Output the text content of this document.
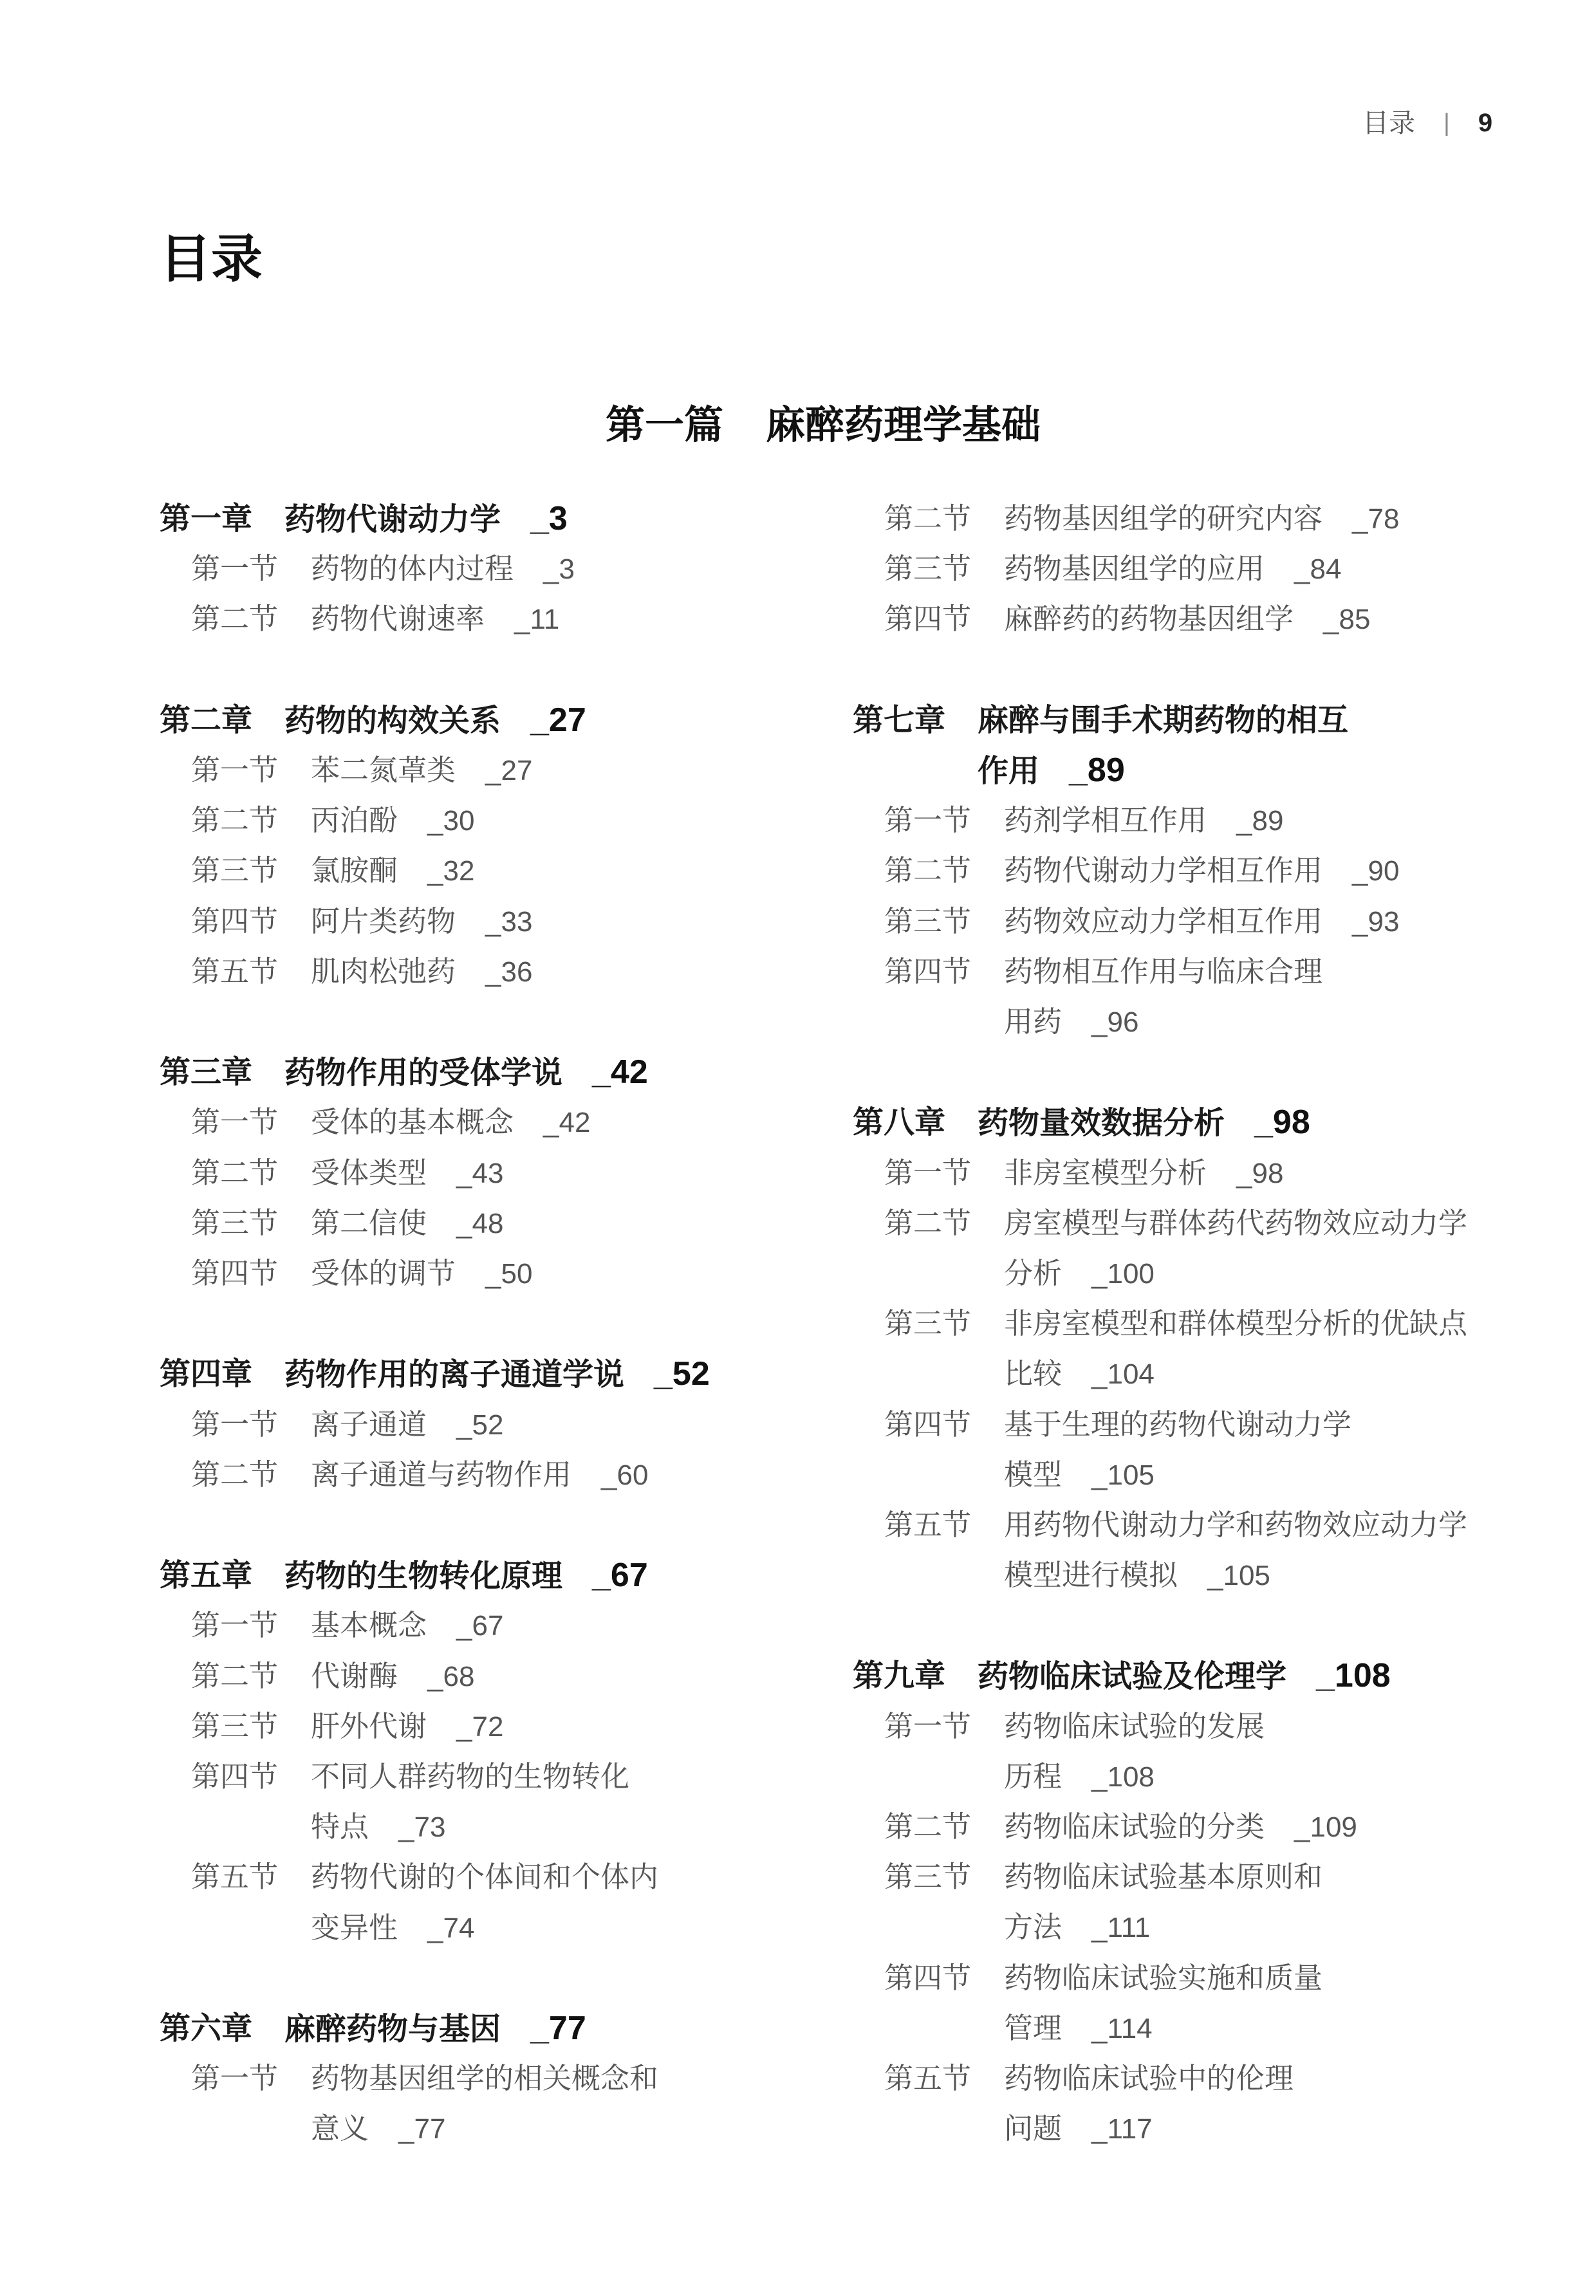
目录 | 9
目录
第一篇 麻醉药理学基础
第一章	药物代谢动力学 _3
第一节	药物的体内过程 _3
第二节	药物代谢速率 _11
第二章	药物的构效关系 _27
第一节	苯二氮䓬类 _27
第二节	丙泊酚 _30
第三节	氯胺酮 _32
第四节	阿片类药物 _33
第五节	肌肉松弛药 _36
第三章	药物作用的受体学说 _42
第一节	受体的基本概念 _42
第二节	受体类型 _43
第三节	第二信使 _48
第四节	受体的调节 _50
第四章	药物作用的离子通道学说 _52
第一节	离子通道 _52
第二节	离子通道与药物作用 _60
第五章	药物的生物转化原理 _67
第一节	基本概念 _67
第二节	代谢酶 _68
第三节	肝外代谢 _72
第四节	不同人群药物的生物转化
特点 _73
第五节	药物代谢的个体间和个体内
变异性 _74
第六章	麻醉药物与基因 _77
第一节	药物基因组学的相关概念和
意义 _77
第二节	药物基因组学的研究内容 _78
第三节	药物基因组学的应用 _84
第四节	麻醉药的药物基因组学 _85
第七章	麻醉与围手术期药物的相互
作用 _89
第一节	药剂学相互作用 _89
第二节	药物代谢动力学相互作用 _90
第三节	药物效应动力学相互作用 _93
第四节	药物相互作用与临床合理
用药 _96
第八章	药物量效数据分析 _98
第一节	非房室模型分析 _98
第二节	房室模型与群体药代药物效应动力学
分析 _100
第三节	非房室模型和群体模型分析的优缺点
比较 _104
第四节	基于生理的药物代谢动力学
模型 _105
第五节	用药物代谢动力学和药物效应动力学
模型进行模拟 _105
第九章	药物临床试验及伦理学 _108
第一节	药物临床试验的发展
历程 _108
第二节	药物临床试验的分类 _109
第三节	药物临床试验基本原则和
方法 _111
第四节	药物临床试验实施和质量
管理 _114
第五节	药物临床试验中的伦理
问题 _117
